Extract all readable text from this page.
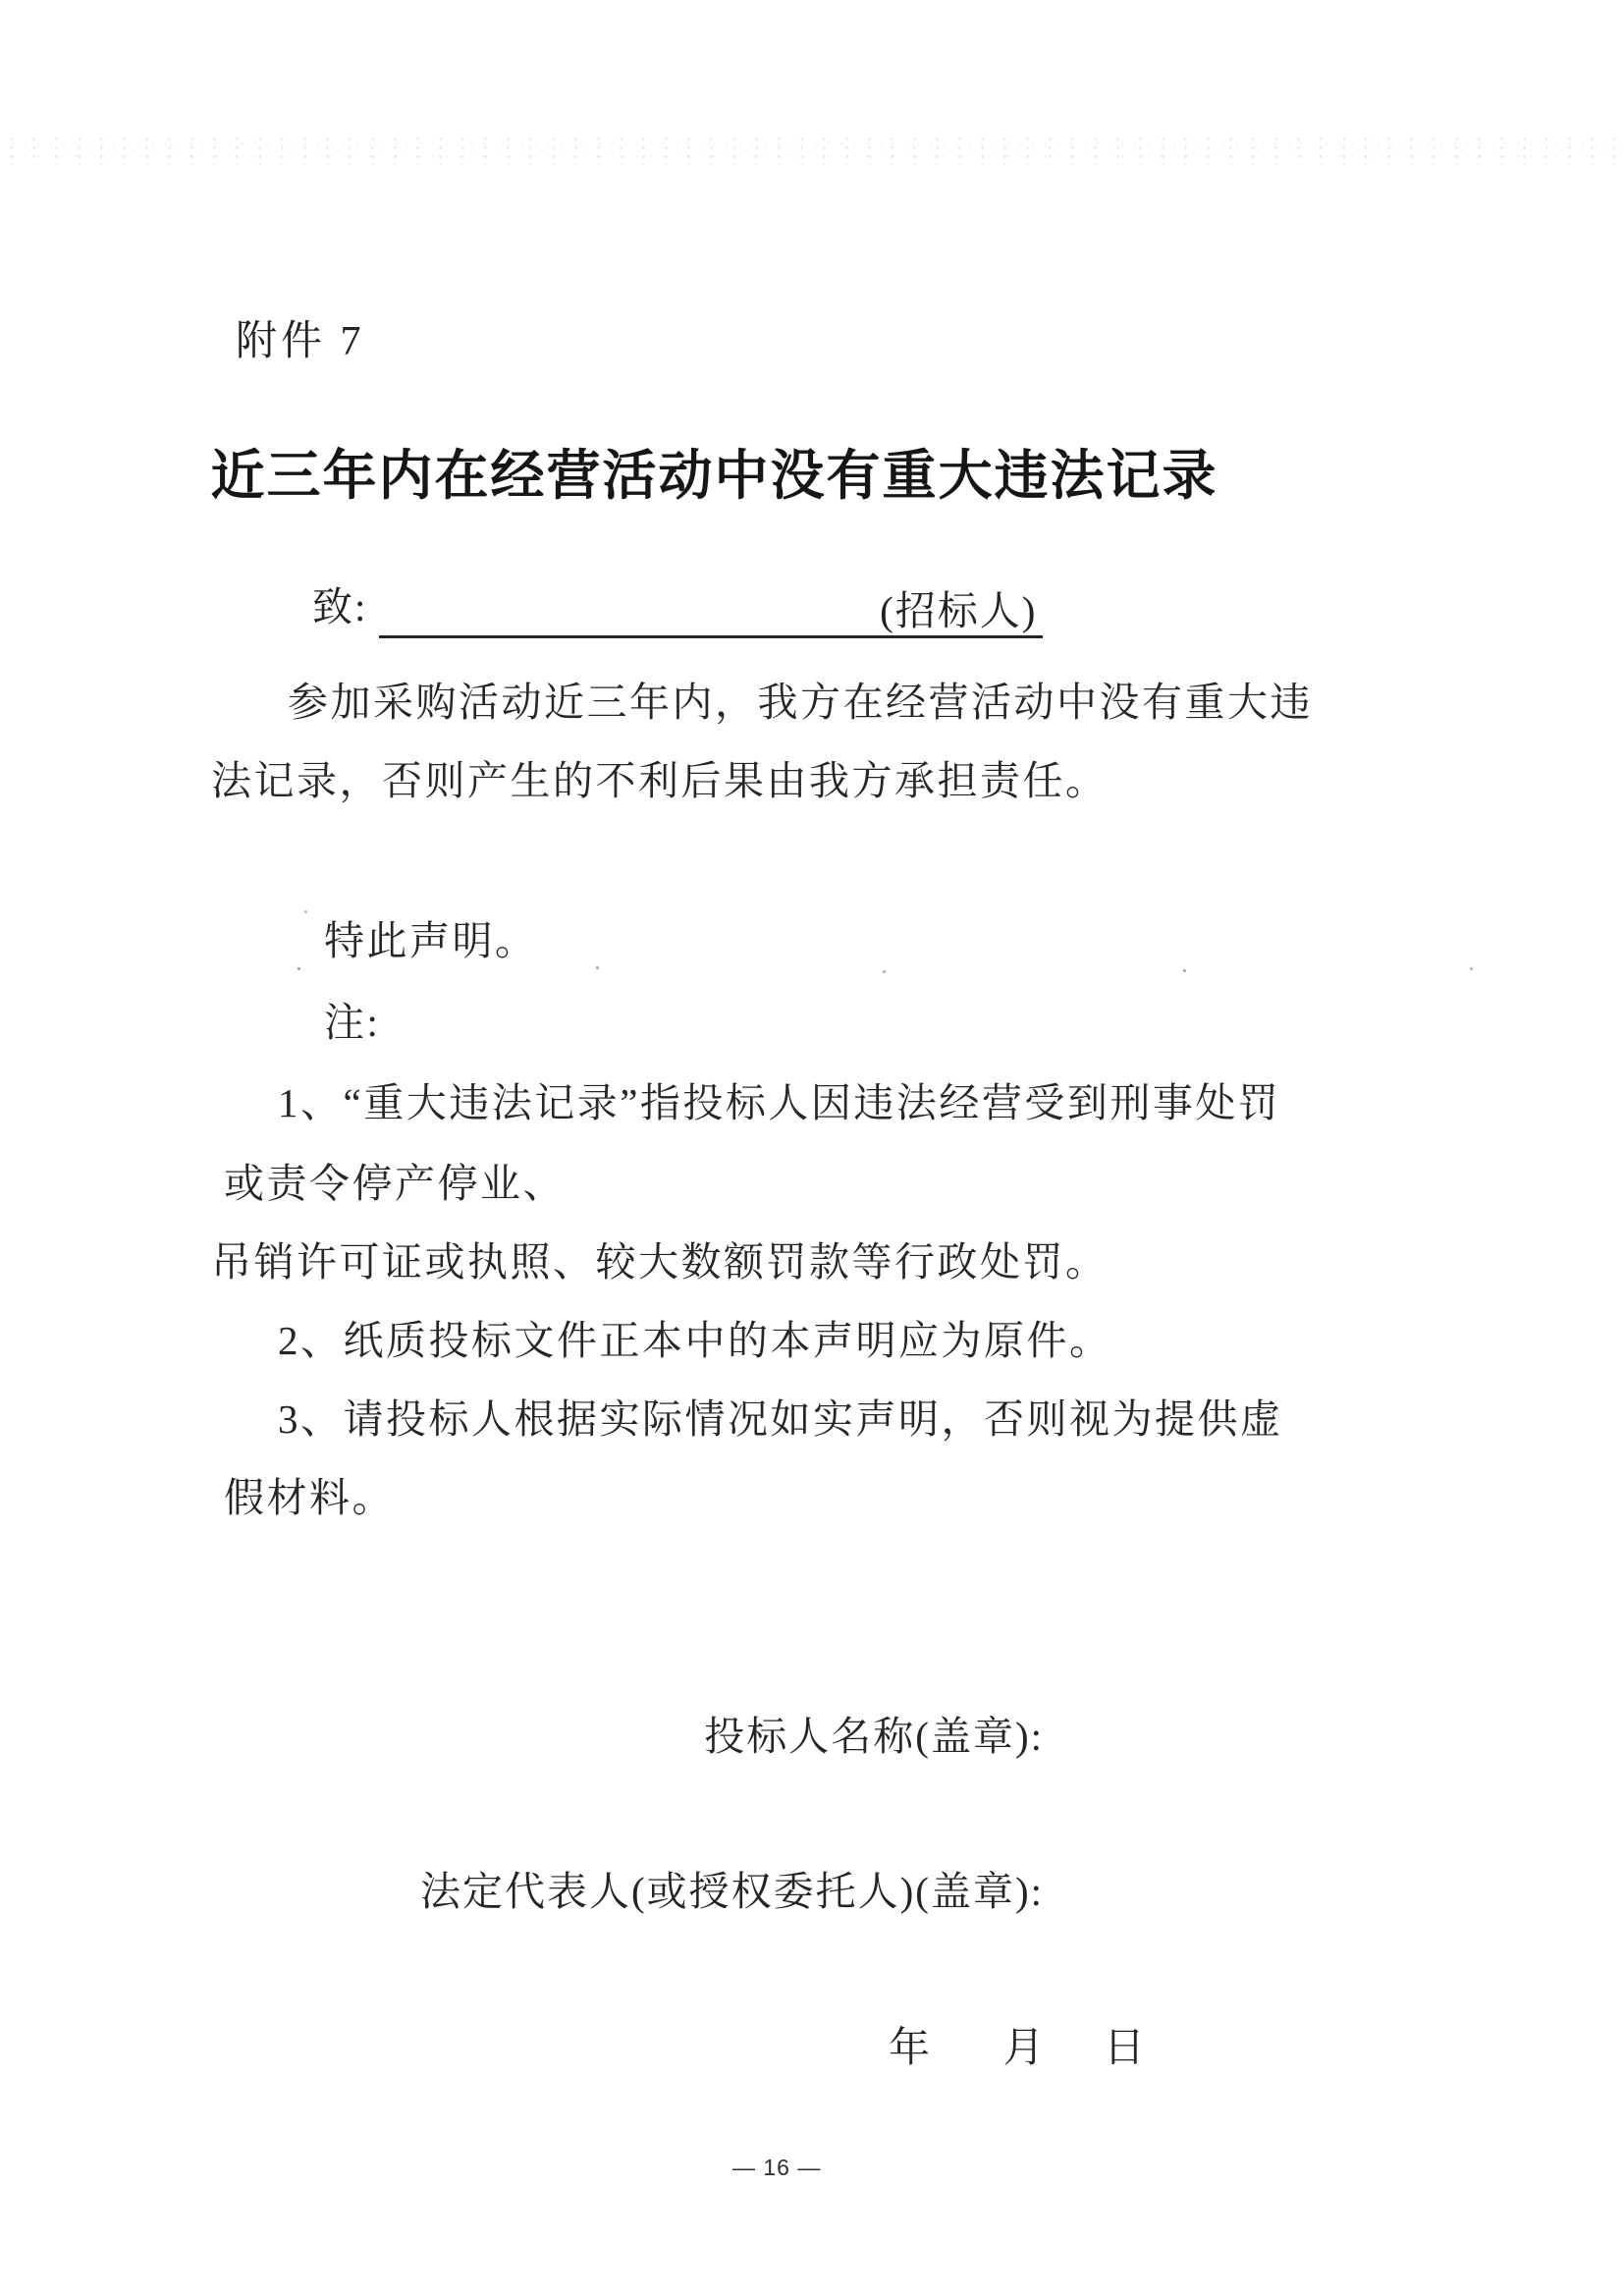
附件 7
近三年内在经营活动中没有重大违法记录
致:	(招标人)
参加采购活动近三年内，我方在经营活动中没有重大违
法记录，否则产生的不利后果由我方承担责任。
特此声明。
注:
1、“重大违法记录”指投标人因违法经营受到刑事处罚
或责令停产停业、
吊销许可证或执照、较大数额罚款等行政处罚。
2、纸质投标文件正本中的本声明应为原件。
3、请投标人根据实际情况如实声明，否则视为提供虚
假材料。
投标人名称(盖章):
法定代表人(或授权委托人)(盖章):
年 月 日
— 16 —
